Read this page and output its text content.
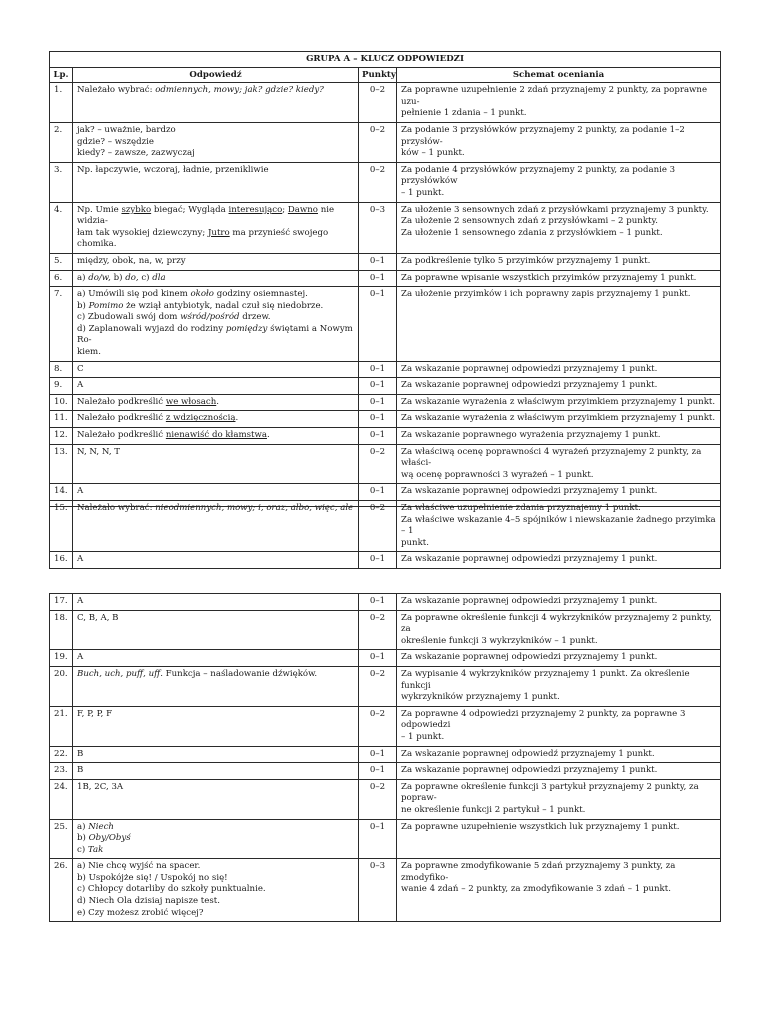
GRUPA A – KLUCZ ODPOWIEDZI			
Lp.	Odpowiedź	Punkty	Schemat oceniania
1.	Należało wybrać: odmiennych, mowy; jak? gdzie? kiedy?	0–2	Za poprawne uzupełnienie 2 zdań przyznajemy 2 punkty, za poprawne uzu-
pełnienie 1 zdania – 1 punkt.

2.	jak? – uważnie, bardzo
gdzie? – wszędzie
kiedy? – zawsze, zazwyczaj	0–2	Za podanie 3 przysłówków przyznajemy 2 punkty, za podanie 1–2 przysłów-
ków – 1 punkt.

3.	Np. łapczywie, wczoraj, ładnie, przenikliwie	0–2	Za podanie 4 przysłówków przyznajemy 2 punkty, za podanie 3 przysłówków
– 1 punkt.

4.	Np. Umie szybko biegać; Wygląda interesująco; Dawno nie widzia-
łam tak wysokiej dziewczyny; Jutro ma przynieść swojego chomika.	0–3	Za ułożenie 3 sensownych zdań z przysłówkami przyznajemy 3 punkty.
Za ułożenie 2 sensownych zdań z przysłówkami – 2 punkty.
Za ułożenie 1 sensownego zdania z przysłówkiem – 1 punkt.

5.	między, obok, na, w, przy	0–1	Za podkreślenie tylko 5 przyimków przyznajemy 1 punkt.

6.	a) do/w, b) do, c) dla	0–1	Za poprawne wpisanie wszystkich przyimków przyznajemy 1 punkt.

7.	a) Umówili się pod kinem około godziny osiemnastej.
b) Pomimo że wziął antybiotyk, nadal czuł się niedobrze.
c) Zbudowali swój dom wśród/pośród drzew.
d) Zaplanowali wyjazd do rodziny pomiędzy świętami a Nowym Ro-
kiem.	0–1	Za ułożenie przyimków i ich poprawny zapis przyznajemy 1 punkt.

8.	C	0–1	Za wskazanie poprawnej odpowiedzi przyznajemy 1 punkt.

9.	A	0–1	Za wskazanie poprawnej odpowiedzi przyznajemy 1 punkt.

10.	Należało podkreślić we włosach.	0–1	Za wskazanie wyrażenia z właściwym przyimkiem przyznajemy 1 punkt.

11.	Należało podkreślić z wdzięcznością.	0–1	Za wskazanie wyrażenia z właściwym przyimkiem przyznajemy 1 punkt.

12.	Należało podkreślić nienawiść do kłamstwa.	0–1	Za wskazanie poprawnego wyrażenia przyznajemy 1 punkt.

13.	N, N, N, T	0–2	Za właściwą ocenę poprawności 4 wyrażeń przyznajemy 2 punkty, za właści-
wą ocenę poprawności 3 wyrażeń – 1 punkt.

14.	A	0–1	Za wskazanie poprawnej odpowiedzi przyznajemy 1 punkt.

15.	Należało wybrać: nieodmiennych, mowy; i, oraz, albo, więc, ale	0–2	Za właściwe uzupełnienie zdania przyznajemy 1 punkt.
Za właściwe wskazanie 4–5 spójników i niewskazanie żadnego przyimka – 1
punkt.

16.	A	0–1	Za wskazanie poprawnej odpowiedzi przyznajemy 1 punkt.
17.	A	0–1	Za wskazanie poprawnej odpowiedzi przyznajemy 1 punkt.

18.	C, B, A, B	0–2	Za poprawne określenie funkcji 4 wykrzykników przyznajemy 2 punkty, za
określenie funkcji 3 wykrzykników – 1 punkt.

19.	A	0–1	Za wskazanie poprawnej odpowiedzi przyznajemy 1 punkt.

20.	Buch, uch, puff, uff. Funkcja – naśladowanie dźwięków.	0–2	Za wypisanie 4 wykrzykników przyznajemy 1 punkt. Za określenie funkcji
wykrzykników przyznajemy 1 punkt.

21.	F, P, P, F	0–2	Za poprawne 4 odpowiedzi przyznajemy 2 punkty, za poprawne 3 odpowiedzi
– 1 punkt.

22.	B	0–1	Za wskazanie poprawnej odpowiedź przyznajemy 1 punkt.

23.	B	0–1	Za wskazanie poprawnej odpowiedzi przyznajemy 1 punkt.

24.	1B, 2C, 3A	0–2	Za poprawne określenie funkcji 3 partykuł przyznajemy 2 punkty, za popraw-
ne określenie funkcji 2 partykuł – 1 punkt.

25.	a) Niech
b) Oby/Obyś
c) Tak	0–1	Za poprawne uzupełnienie wszystkich luk przyznajemy 1 punkt.

26.	a) Nie chcę wyjść na spacer.
b) Uspokójże się! / Uspokój no się!
c) Chłopcy dotarliby do szkoły punktualnie.
d) Niech Ola dzisiaj napisze test.
e) Czy możesz zrobić więcej?	0–3	Za poprawne zmodyfikowanie 5 zdań przyznajemy 3 punkty, za zmodyfiko-
wanie 4 zdań – 2 punkty, za zmodyfikowanie 3 zdań – 1 punkt.
